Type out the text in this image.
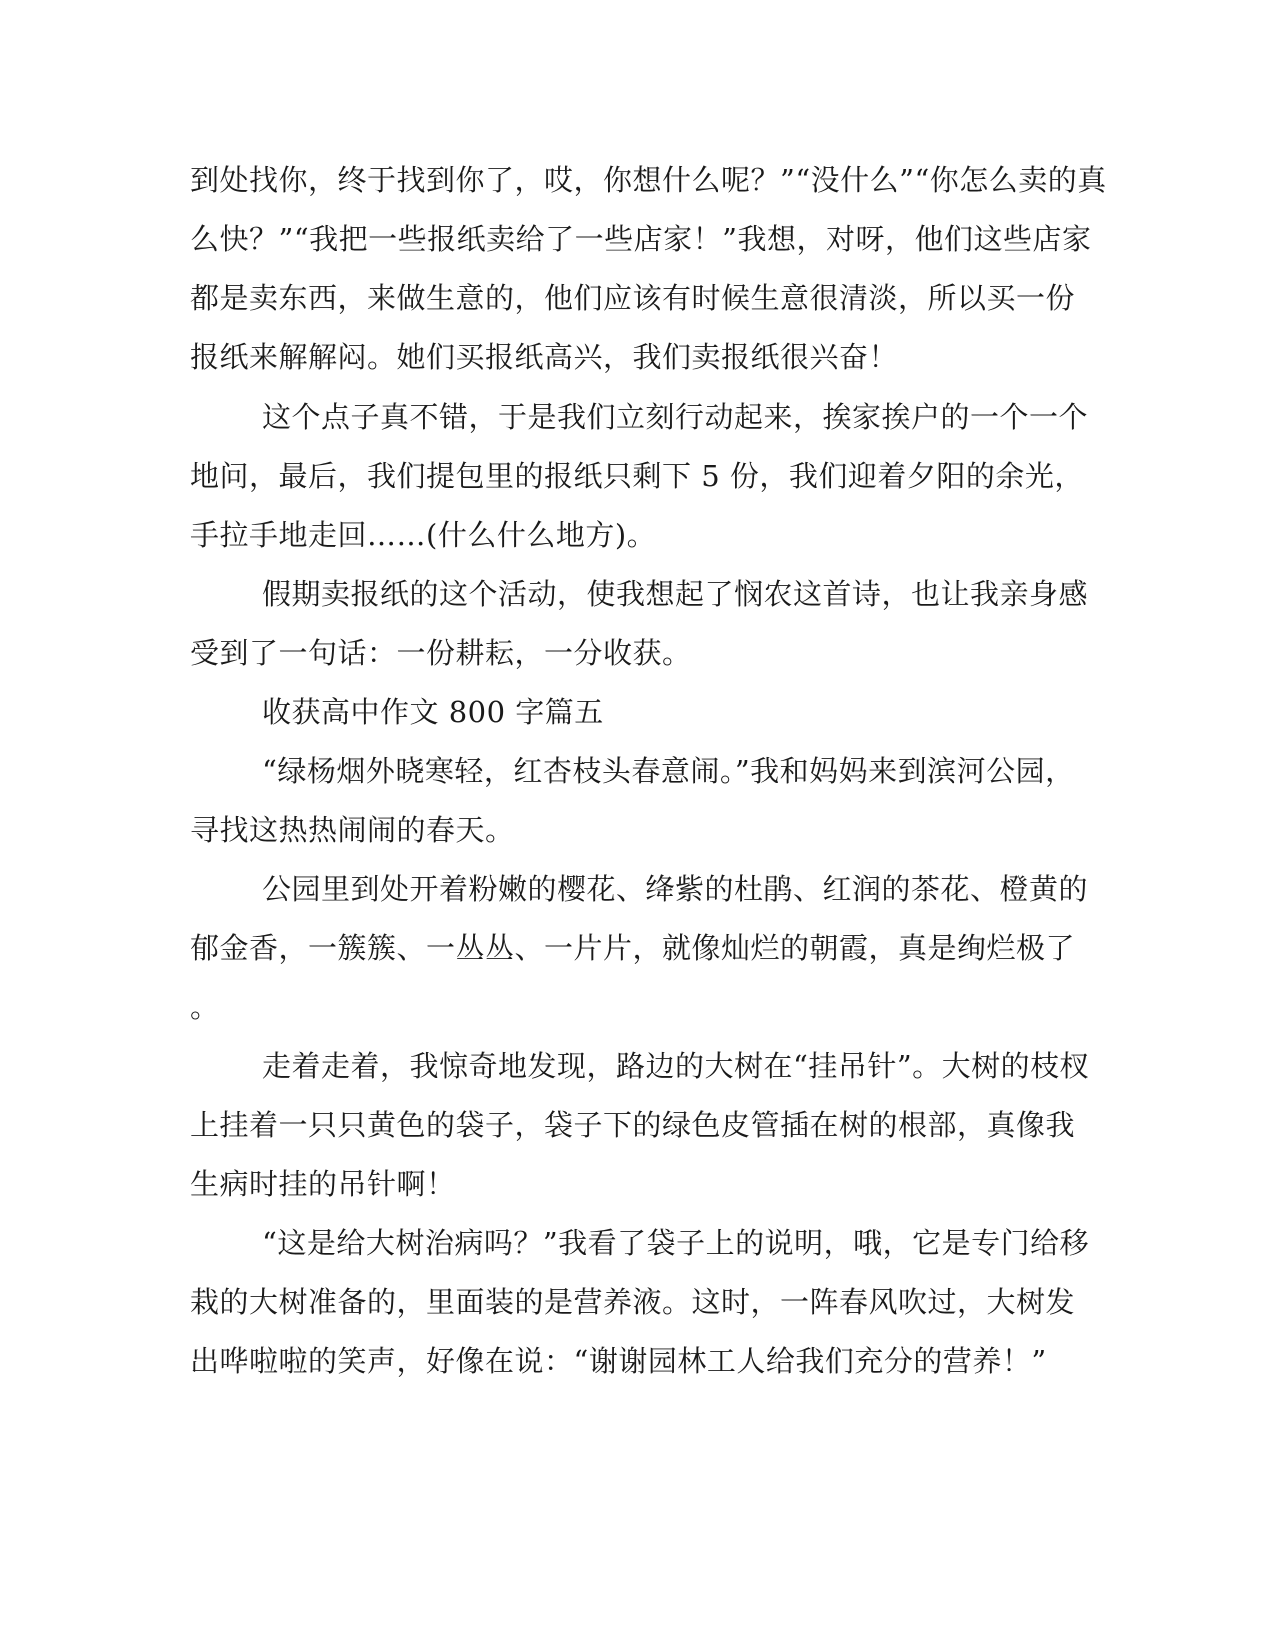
到处找你，终于找到你了，哎，你想什么呢？”“没什么”“你怎么卖的真
么快？”“我把一些报纸卖给了一些店家！”我想，对呀，他们这些店家
都是卖东西，来做生意的，他们应该有时候生意很清淡，所以买一份
报纸来解解闷。她们买报纸高兴，我们卖报纸很兴奋！
这个点子真不错，于是我们立刻行动起来，挨家挨户的一个一个
地问，最后，我们提包里的报纸只剩下 5 份，我们迎着夕阳的余光，
手拉手地走回……(什么什么地方)。
假期卖报纸的这个活动，使我想起了悯农这首诗，也让我亲身感
受到了一句话：一份耕耘，一分收获。
收获高中作文 800 字篇五
“绿杨烟外晓寒轻，红杏枝头春意闹。”我和妈妈来到滨河公园，
寻找这热热闹闹的春天。
公园里到处开着粉嫩的樱花、绛紫的杜鹃、红润的茶花、橙黄的
郁金香，一簇簇、一丛丛、一片片，就像灿烂的朝霞，真是绚烂极了
。
走着走着，我惊奇地发现，路边的大树在“挂吊针”。大树的枝杈
上挂着一只只黄色的袋子，袋子下的绿色皮管插在树的根部，真像我
生病时挂的吊针啊！
“这是给大树治病吗？”我看了袋子上的说明，哦，它是专门给移
栽的大树准备的，里面装的是营养液。这时，一阵春风吹过，大树发
出哗啦啦的笑声，好像在说：“谢谢园林工人给我们充分的营养！”
